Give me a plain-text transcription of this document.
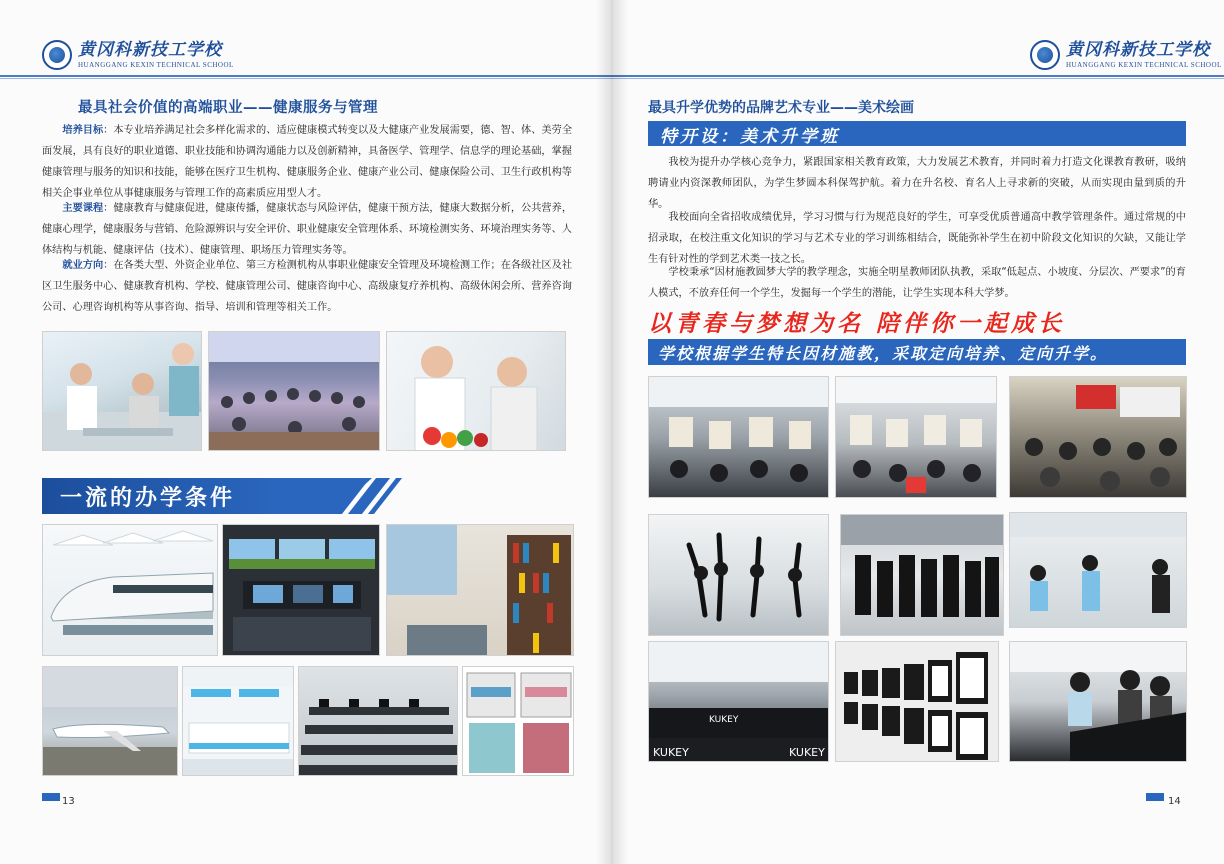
黄冈科新技工学校
HUANGGANG KEXIN TECHNICAL SCHOOL
最具社会价值的高端职业——健康服务与管理

培养目标：本专业培养满足社会多样化需求的、适应健康模式转变以及大健康产业发展需要，德、智、体、美劳全面发展，具有良好的职业道德、职业技能和协调沟通能力以及创新精神，具备医学、管理学、信息学的理论基础，掌握健康管理与服务的知识和技能，能够在医疗卫生机构、健康服务企业、健康产业公司、健康保险公司、卫生行政机构等相关企事业单位从事健康服务与管理工作的高素质应用型人才。

主要课程：健康教育与健康促进，健康传播，健康状态与风险评估，健康干预方法，健康大数据分析，公共营养，健康心理学，健康服务与营销、危险源辨识与安全评价、职业健康安全管理体系、环境检测实务、环境治理实务等、人体结构与机能、健康评估（技术）、健康管理、职场压力管理实务等。

就业方向：在各类大型、外资企业单位、第三方检测机构从事职业健康安全管理及环境检测工作；在各级社区及社区卫生服务中心、健康教育机构、学校、健康管理公司、健康咨询中心、高级康复疗养机构、高级休闲会所、营养咨询公司、心理咨询机构等从事咨询、指导、培训和管理等相关工作。

一流的办学条件
13
黄冈科新技工学校
HUANGGANG KEXIN TECHNICAL SCHOOL
最具升学优势的品牌艺术专业——美术绘画
特开设：美术升学班

我校为提升办学核心竞争力，紧跟国家相关教育政策，大力发展艺术教育，并同时着力打造文化课教育教研，吸纳聘请业内资深教师团队，为学生梦圆本科保驾护航。着力在升名校、育名人上寻求新的突破，从而实现由量到质的升华。

我校面向全省招收成绩优异，学习习惯与行为规范良好的学生，可享受优质普通高中教学管理条件。通过常规的中招录取，在校注重文化知识的学习与艺术专业的学习训练相结合，既能弥补学生在初中阶段文化知识的欠缺，又能让学生有针对性的学到艺术类一技之长。

学校秉承“因材施教圆梦大学的教学理念，实施全明星教师团队执教，采取“低起点、小坡度、分层次、严要求”的育人模式，不放弃任何一个学生，发掘每一个学生的潜能，让学生实现本科大学梦。

以青春与梦想为名 陪伴你一起成长
学校根据学生特长因材施教，采取定向培养、定向升学。
KUKEY
KUKEY	KUKEY
14
